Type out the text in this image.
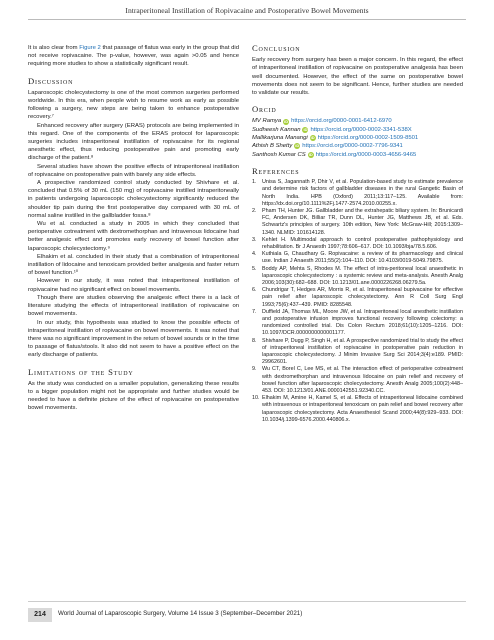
Intraperitoneal Instillation of Ropivacaine and Postoperative Bowel Movements

It is also clear from Figure 2 that passage of flatus was early in the group that did not receive ropivacaine. The p-value, however, was again >0.05 and hence requiring more studies to show a statistically significant result.

Discussion

Laparoscopic cholecystectomy is one of the most common surgeries performed worldwide. In this era, when people wish to resume work as early as possible following a surgery, new steps are being taken to enhance postoperative recovery.⁷

Enhanced recovery after surgery (ERAS) protocols are being implemented in this regard. One of the components of the ERAS protocol for laparoscopic surgeries includes intraperitoneal instillation of ropivacaine for its regional anesthetic effect, thus reducing postoperative pain and promoting early discharge of the patient.⁸

Several studies have shown the positive effects of intraperitoneal instillation of ropivacaine on postoperative pain with barely any side effects.

A prospective randomized control study conducted by Shivhare et al. concluded that 0.5% of 30 mL (150 mg) of ropivacaine instilled intraperitoneally in patients undergoing laparoscopic cholecystectomy significantly reduced the shoulder tip pain during the first postoperative day compared with 30 mL of normal saline instilled in the gallbladder fossa.⁸

Wu et al. conducted a study in 2005 in which they concluded that perioperative cotreatment with dextromethorphan and intravenous lidocaine had better analgesic effect and promotes early recovery of bowel function after laparoscopic cholecystectomy.⁹

Elhakim et al. concluded in their study that a combination of intraperitoneal instillation of lidocaine and tenoxicam provided better analgesia and faster return of bowel function.¹⁰

However in our study, it was noted that intraperitoneal instillation of ropivacaine had no significant effect on bowel movements.

Though there are studies observing the analgesic effect there is a lack of literature studying the effects of intraperitoneal instillation of ropivacaine on bowel movements.

In our study, this hypothesis was studied to know the possible effects of intraperitoneal instillation of ropivacaine on bowel movements. It was noted that there was no significant improvement in the return of bowel sounds or in the time to passage of flatus/stools. It also did not seem to have a positive effect on the early discharge of patients.

Limitations of the Study

As the study was conducted on a smaller population, generalizing these results to a bigger population might not be appropriate and further studies would be needed to have a definite picture of the effect of ropivacaine on postoperative bowel movements.

Conclusion

Early recovery from surgery has been a major concern. In this regard, the effect of intraperitoneal instillation of ropivacaine on postoperative analgesia has been well documented. However, the effect of the same on postoperative bowel movements does not seem to be significant. Hence, further studies are needed to validate our results.

Orcid
MV Ramya iD https://orcid.org/0000-0001-6412-6970
Sudheesh Kannan iD https://orcid.org/0000-0002-3341-538X
Mallikarjuna Manangi iD https://orcid.org/0000-0002-1509-8501
Athish B Shetty iD https://orcid.org/0000-0002-7796-9341
Santhosh Kumar CS iD https://orcid.org/0000-0003-4656-9465
References
1.	Unisa S, Jagannath P, Dhir V, et al. Population-based study to estimate prevalence and determine risk factors of gallbladder diseases in the rural Gangetic Basin of North India. HPB (Oxford) 2011;13:117–125. Available from: https://dx.doi.org/10.1111%2Fj.1477-2574.2010.00255.x.
2.	Pham TH, Hunter JG. Gallbladder and the extrahepatic biliary system. In: Brunicardi FC, Andersen DK, Billiar TR, Dunn DL, Hunter JG, Matthews JB, et al. Eds. Schwartz's principles of surgery. 10th edition, New York: McGraw-Hill; 2015:1309–1340. NLMID: 101614128.
3.	Kehlet H. Multimodal approach to control postoperative pathophysiology and rehabilitation. Br J Anaesth 1997;78:606–617. DOI: 10.1093/bja/78.5.606.
4.	Kuthiala G, Chaudhary G. Ropivacaine: a review of its pharmacology and clinical use. Indian J Anaesth 2011;55(2):104–110. DOI: 10.4103/0019-5049.79875.
5.	Boddy AP, Mehta S, Rhodes M. The effect of intra-peritoneal local anaesthetic in laparoscopic cholecystectomy : a systemic review and meta-analysis. Anesth Analg 2006;103(30):682–688. DOI: 10.1213/01.ane.0000226268.06279.5a.
6.	Chundrigar T, Hedges AR, Morris R, et al. Intraperitoneal bupivacaine for effective pain relief after laparoscopic cholecystectomy. Ann R Coll Surg Engl 1993;75(6):437–439. PMID: 8285548.
7.	Duffield JA, Thomas ML, Moore JW, et al. Intraperitoneal local anesthetic instillation and postoperative infusion improves functional recovery following colectomy: a randomized controlled trial. Dis Colon Rectum 2018;61(10):1205–1216. DOI: 10.1097/DCR.0000000000001177.
8.	Shivhare P, Dugg P, Singh H, et al. A prospective randomized trial to study the effect of intraperitoneal instillation of ropivacaine in postoperative pain reduction in laparoscopic cholecystectomy. J Minim Invasive Surg Sci 2014;3(4):e189. PMID: 29962601.
9.	Wu CT, Borel C, Lee MS, et al. The interaction effect of perioperative cotreatment with dextromethorphan and intravenous lidocaine on pain relief and recovery of bowel function after laparoscopic cholecystectomy. Anesth Analg 2005;100(2):448–453. DOI: 10.1213/01.ANE.0000142551.92340.CC.
10. Elhakim M, Amine H, Kamel S, et al. Effects of intraperitoneal lidocaine combined with intravenous or intraperitoneal tenoxicam on pain relief and bowel recovery after laparoscopic cholecystectomy. Acta Anaesthesiol Scand 2000;44(8):929–933. DOI: 10.1034/j.1399-6576.2000.440806.x.
214	World Journal of Laparoscopic Surgery, Volume 14 Issue 3 (September–December 2021)
